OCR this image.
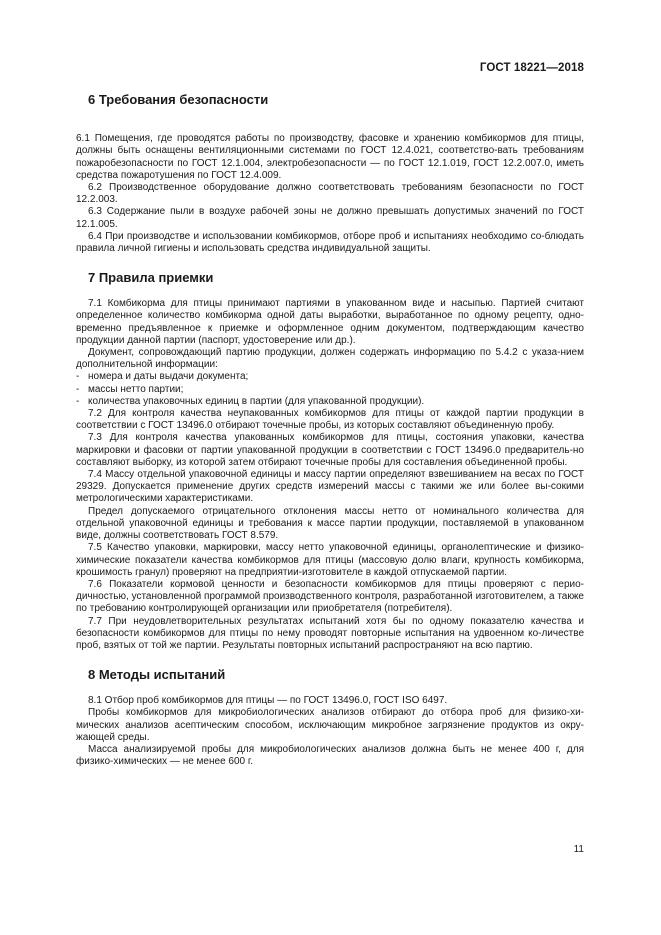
ГОСТ 18221—2018
6 Требования безопасности

6.1 Помещения, где проводятся работы по производству, фасовке и хранению комбикормов для птицы, должны быть оснащены вентиляционными системами по ГОСТ 12.4.021, соответство-вать требованиям пожаробезопасности по ГОСТ 12.1.004, электробезопасности — по ГОСТ 12.1.019, ГОСТ 12.2.007.0, иметь средства пожаротушения по ГОСТ 12.4.009.

6.2 Производственное оборудование должно соответствовать требованиям безопасности по ГОСТ 12.2.003.

6.3 Содержание пыли в воздухе рабочей зоны не должно превышать допустимых значений по ГОСТ 12.1.005.

6.4 При производстве и использовании комбикормов, отборе проб и испытаниях необходимо со-блюдать правила личной гигиены и использовать средства индивидуальной защиты.

7 Правила приемки

7.1 Комбикорма для птицы принимают партиями в упакованном виде и насыпью. Партией считают определенное количество комбикорма одной даты выработки, выработанное по одному рецепту, одно-временно предъявленное к приемке и оформленное одним документом, подтверждающим качество продукции данной партии (паспорт, удостоверение или др.).

Документ, сопровождающий партию продукции, должен содержать информацию по 5.4.2 с указа-нием дополнительной информации:

- номера и даты выдачи документа;
- массы нетто партии;
- количества упаковочных единиц в партии (для упакованной продукции).

7.2 Для контроля качества неупакованных комбикормов для птицы от каждой партии продукции в соответствии с ГОСТ 13496.0 отбирают точечные пробы, из которых составляют объединенную пробу.

7.3 Для контроля качества упакованных комбикормов для птицы, состояния упаковки, качества маркировки и фасовки от партии упакованной продукции в соответствии с ГОСТ 13496.0 предваритель-но составляют выборку, из которой затем отбирают точечные пробы для составления объединенной пробы.

7.4 Массу отдельной упаковочной единицы и массу партии определяют взвешиванием на весах по ГОСТ 29329. Допускается применение других средств измерений массы с такими же или более вы-сокими метрологическими характеристиками.

Предел допускаемого отрицательного отклонения массы нетто от номинального количества для отдельной упаковочной единицы и требования к массе партии продукции, поставляемой в упакованном виде, должны соответствовать ГОСТ 8.579.

7.5 Качество упаковки, маркировки, массу нетто упаковочной единицы, органолептические и физико-химические показатели качества комбикормов для птицы (массовую долю влаги, крупность комбикорма, крошимость гранул) проверяют на предприятии-изготовителе в каждой отпускаемой партии.

7.6 Показатели кормовой ценности и безопасности комбикормов для птицы проверяют с перио-дичностью, установленной программой производственного контроля, разработанной изготовителем, а также по требованию контролирующей организации или приобретателя (потребителя).

7.7 При неудовлетворительных результатах испытаний хотя бы по одному показателю качества и безопасности комбикормов для птицы по нему проводят повторные испытания на удвоенном ко-личестве проб, взятых от той же партии. Результаты повторных испытаний распространяют на всю партию.

8 Методы испытаний

8.1 Отбор проб комбикормов для птицы — по ГОСТ 13496.0, ГОСТ ISO 6497.

Пробы комбикормов для микробиологических анализов отбирают до отбора проб для физико-хи-мических анализов асептическим способом, исключающим микробное загрязнение продуктов из окру-жающей среды.

Масса анализируемой пробы для микробиологических анализов должна быть не менее 400 г, для физико-химических — не менее 600 г.

11
